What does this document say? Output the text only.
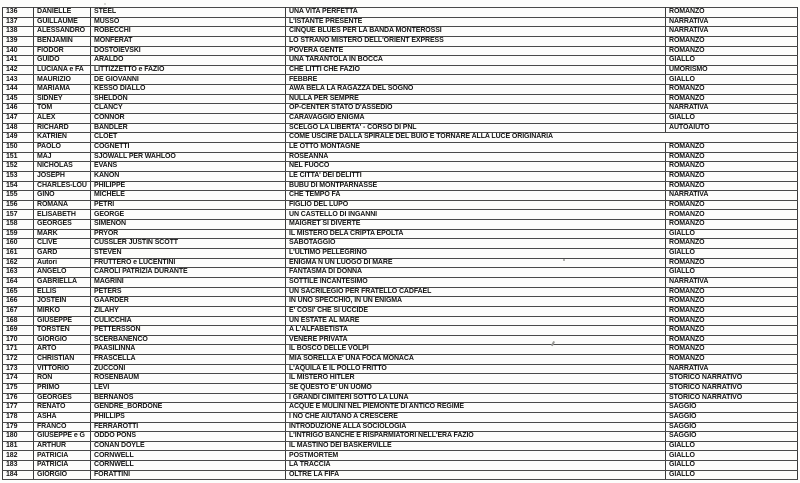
136	DANIELLE	STEEL	UNA VITA PERFETTA	ROMANZO
137	GUILLAUME	MUSSO	L'ISTANTE PRESENTE	NARRATIVA
138	ALESSANDRO	ROBECCHI	CINQUE BLUES PER LA BANDA MONTEROSSI	NARRATIVA
139	BENJAMIN	MONFERAT	LO STRANO MISTERO DELL'ORIENT EXPRESS	ROMANZO
140	FIODOR	DOSTOIEVSKI	POVERA GENTE	ROMANZO
141	GUIDO	ARALDO	UNA TARANTOLA IN BOCCA	GIALLO
142	LUCIANA e FA	LITTIZZETTO e FAZIO	CHE LITTI CHE FAZIO	UMORISMO
143	MAURIZIO	DE GIOVANNI	FEBBRE	GIALLO
144	MARIAMA	KESSO DIALLO	AWA BELA LA RAGAZZA DEL SOGNO	ROMANZO
145	SIDNEY	SHELDON	NULLA PER SEMPRE	ROMANZO
146	TOM	CLANCY	OP-CENTER STATO D'ASSEDIO	NARRATIVA
147	ALEX	CONNOR	CARAVAGGIO ENIGMA	GIALLO
148	RICHARD	BANDLER	SCELGO LA LIBERTA' - CORSO DI PNL	AUTOAIUTO
149	KATRIEN	CLOET	COME USCIRE DALLA SPIRALE DEL BUIO E TORNARE ALLA LUCE ORIGINARIA	
150	PAOLO	COGNETTI	LE OTTO MONTAGNE	ROMANZO
151	MAJ	SJOWALL PER WAHLOO	ROSEANNA	ROMANZO
152	NICHOLAS	EVANS	NEL FUOCO	ROMANZO
153	JOSEPH	KANON	LE CITTA' DEI DELITTI	ROMANZO
154	CHARLES-LOU	PHILIPPE	BUBU DI MONTPARNASSE	ROMANZO
155	GINO	MICHELE	CHE TEMPO FA	NARRATIVA
156	ROMANA	PETRI	FIGLIO DEL LUPO	ROMANZO
157	ELISABETH	GEORGE	UN CASTELLO DI INGANNI	ROMANZO
158	GEORGES	SIMENON	MAIGRET SI DIVERTE	ROMANZO
159	MARK	PRYOR	IL MISTERO DELA CRIPTA EPOLTA	GIALLO
160	CLIVE	CUSSLER JUSTIN SCOTT	SABOTAGGIO	ROMANZO
161	GARD	STEVEN	L'ULTIMO PELLEGRINO	GIALLO
162	Autori	FRUTTERO e LUCENTINI	ENIGMA N UN LUOGO DI MARE	ROMANZO
163	ANGELO	CAROLI PATRIZIA DURANTE	FANTASMA DI DONNA	GIALLO
164	GABRIELLA	MAGRINI	SOTTILE INCANTESIMO	NARRATIVA
165	ELLIS	PETERS	UN SACRILEGIO PER FRATELLO CADFAEL	ROMANZO
166	JOSTEIN	GAARDER	IN UNO SPECCHIO, IN UN ENIGMA	ROMANZO
167	MIRKO	ZILAHY	E' COSI' CHE SI UCCIDE	ROMANZO
168	GIUSEPPE	CULICCHIA	UN ESTATE AL MARE	ROMANZO
169	TORSTEN	PETTERSSON	A L'ALFABETISTA	ROMANZO
170	GIORGIO	SCERBANENCO	VENERE PRIVATA	ROMANZO
171	ARTO	PAASILINNA	IL BOSCO DELLE VOLPI	ROMANZO
172	CHRISTIAN	FRASCELLA	MIA SORELLA E' UNA FOCA MONACA	ROMANZO
173	VITTORIO	ZUCCONI	L'AQUILA E IL POLLO FRITTO	NARRATIVA
174	RON	ROSENBAUM	IL MISTERO HITLER	STORICO NARRATIVO
175	PRIMO	LEVI	SE QUESTO E' UN UOMO	STORICO NARRATIVO
176	GEORGES	BERNANOS	I GRANDI CIMITERI SOTTO LA LUNA	STORICO NARRATIVO
177	RENATO	GENDRE_BORDONE	ACQUE E MULINI NEL PIEMONTE DI ANTICO REGIME	SAGGIO
178	ASHA	PHILLIPS	I NO CHE AIUTANO A CRESCERE	SAGGIO
179	FRANCO	FERRAROTTI	INTRODUZIONE ALLA SOCIOLOGIA	SAGGIO
180	GIUSEPPE e G	ODDO PONS	L'INTRIGO BANCHE E RISPARMIATORI NELL'ERA FAZIO	SAGGIO
181	ARTHUR	CONAN DOYLE	IL MASTINO DEI BASKERVILLE	GIALLO
182	PATRICIA	CORNWELL	POSTMORTEM	GIALLO
183	PATRICIA	CORNWELL	LA TRACCIA	GIALLO
184	GIORGIO	FORATTINI	OLTRE LA FIFA	GIALLO
